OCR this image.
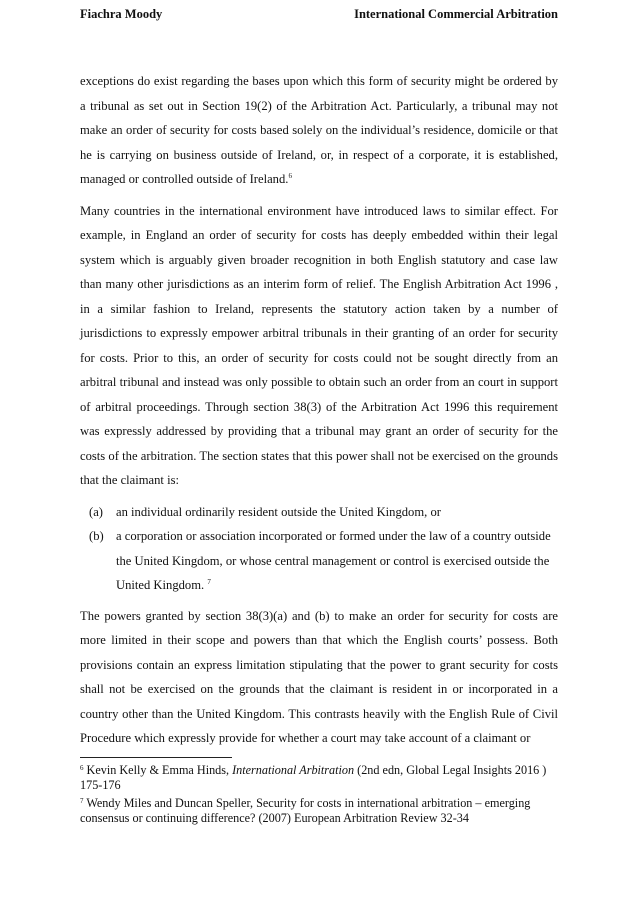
Fiachra Moody	International Commercial Arbitration

exceptions do exist regarding the bases upon which this form of security might be ordered by a tribunal as set out in Section 19(2) of the Arbitration Act. Particularly, a tribunal may not make an order of security for costs based solely on the individual’s residence, domicile or that he is carrying on business outside of Ireland, or, in respect of a corporate, it is established, managed or controlled outside of Ireland.$^6$

Many countries in the international environment have introduced laws to similar effect. For example, in England an order of security for costs has deeply embedded within their legal system which is arguably given broader recognition in both English statutory and case law than many other jurisdictions as an interim form of relief. The English Arbitration Act 1996 , in a similar fashion to Ireland, represents the statutory action taken by a number of jurisdictions to expressly empower arbitral tribunals in their granting of an order for security for costs. Prior to this, an order of security for costs could not be sought directly from an arbitral tribunal and instead was only possible to obtain such an order from an court in support of arbitral proceedings. Through section 38(3) of the Arbitration Act 1996 this requirement was expressly addressed by providing that a tribunal may grant an order of security for the costs of the arbitration. The section states that this power shall not be exercised on the grounds that the claimant is:

(a) an individual ordinarily resident outside the United Kingdom, or
(b) a corporation or association incorporated or formed under the law of a country outside the United Kingdom, or whose central management or control is exercised outside the United Kingdom. $^7$

The powers granted by section 38(3)(a) and (b) to make an order for security for costs are more limited in their scope and powers than that which the English courts’ possess. Both provisions contain an express limitation stipulating that the power to grant security for costs shall not be exercised on the grounds that the claimant is resident in or incorporated in a country other than the United Kingdom. This contrasts heavily with the English Rule of Civil Procedure which expressly provide for whether a court may take account of a claimant or

$^6$ Kevin Kelly & Emma Hinds, International Arbitration (2nd edn, Global Legal Insights 2016 ) 175-176
$^7$ Wendy Miles and Duncan Speller, Security for costs in international arbitration – emerging consensus or continuing difference? (2007) European Arbitration Review 32-34
